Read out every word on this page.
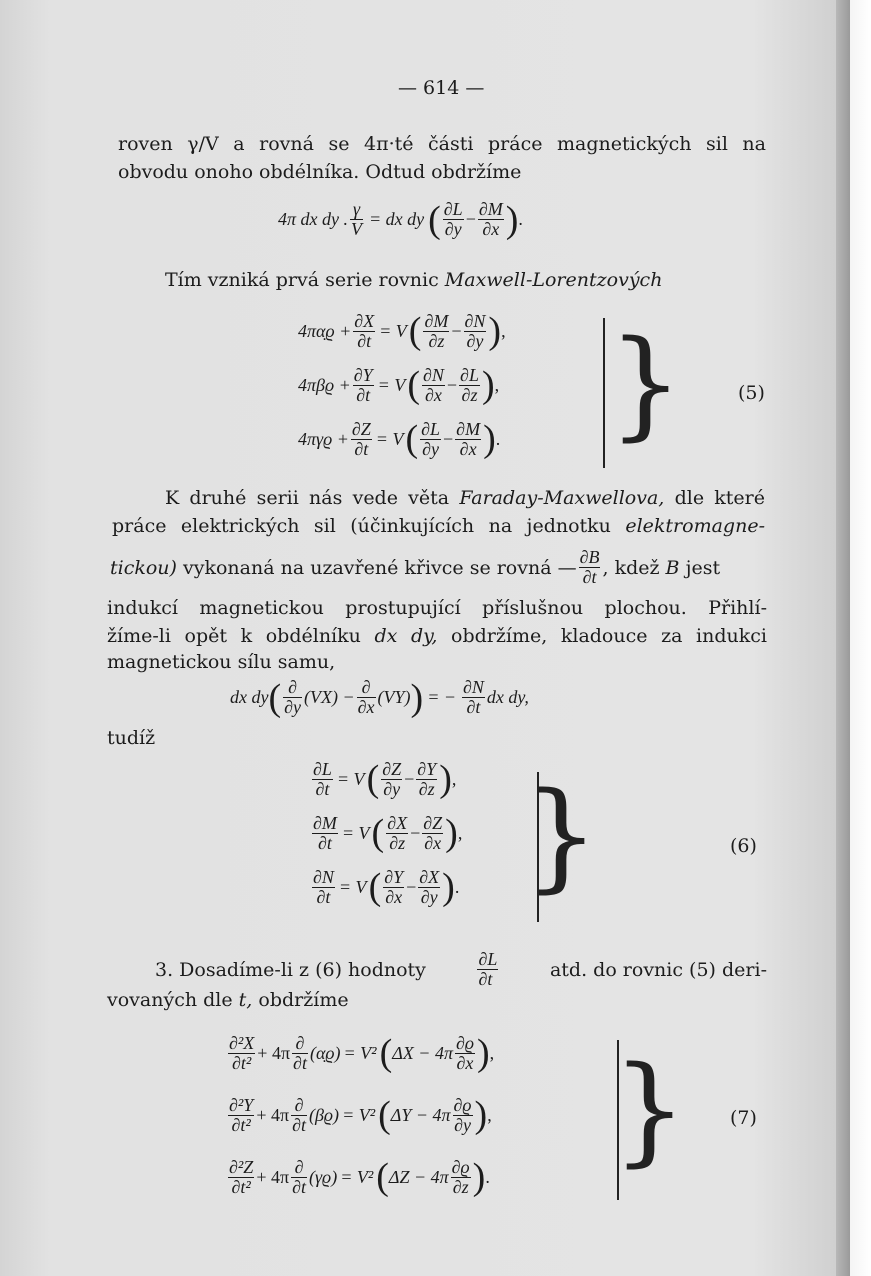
— 614 —
roven γ/V a rovná se 4π·té části práce magnetických sil na
obvodu onoho obdélníka. Odtud obdržíme
4π dx dy . $\frac{\gamma}{V}$ = dx dy ( $\frac{\partial L}{\partial y} - \frac{\partial M}{\partial x}$ ) .
Tím vzniká prvá serie rovnic Maxwell-Lorentzových
4πα̣ϱ + $\frac{\partial X}{\partial t} = V$ ( $\frac{\partial M}{\partial z} - \frac{\partial N}{\partial y}$ ) ,
$4\pi\beta ϱ + \frac{\partial Y}{\partial t} = V$ ( $\frac{\partial N}{\partial x} - \frac{\partial L}{\partial z}$ ) ,
$4\pi\gamma ϱ + \frac{\partial Z}{\partial t} = V$ ( $\frac{\partial L}{\partial y} - \frac{\partial M}{\partial x}$ ) . }	(5)
K druhé serii nás vede věta Faraday-Maxwellova, dle které
práce elektrických sil (účinkujících na jednotku elektromagne-
tickou)
vykonaná na uzavřené křivce se rovná — $\frac{\partial B}{\partial t}$ , kdež
B
jest
indukcí magnetickou prostupující příslušnou plochou. Přihlí-
žíme-li opět k obdélníku dx dy, obdržíme, kladouce za indukci
magnetickou sílu samu,
dx dy ( $\frac{\partial}{\partial y} (VX) - \frac{\partial}{\partial x} (VY)$ ) = − $\frac{\partial N}{\partial t}$ dx dy,
tudíž
$\frac{\partial L}{\partial t} = V$ ( $\frac{\partial Z}{\partial y} - \frac{\partial Y}{\partial z}$ ) ,
$\frac{\partial M}{\partial t} = V$ ( $\frac{\partial X}{\partial z} - \frac{\partial Z}{\partial x}$ ) ,
$\frac{\partial N}{\partial t} = V$ ( $\frac{\partial Y}{\partial x} - \frac{\partial X}{\partial y}$ ) . }	(6)
3. Dosadíme-li z (6) hodnoty	$\frac{\partial L}{\partial t}$	atd. do rovnic (5) deri-
vovaných dle t, obdržíme
$\frac{\text{∂²X}}{\text{∂t²}} + 4\pi \frac{\partial}{\partial t}$ (α̣ϱ) = V² ( $\Delta X - 4\pi \frac{\partial ϱ}{\partial x}$ ) ,
$\frac{\text{∂²Y}}{\text{∂t²}} + 4\pi \frac{\partial}{\partial t} (\beta ϱ) = V^2$ ( $\Delta Y - 4\pi \frac{\partial ϱ}{\partial y}$ ) ,
$\frac{\text{∂²Z}}{\text{∂t²}} + 4\pi \frac{\partial}{\partial t} (\gamma ϱ) = V^2$ ( $\Delta Z - 4\pi \frac{\partial ϱ}{\partial z}$ ) . } (7)
